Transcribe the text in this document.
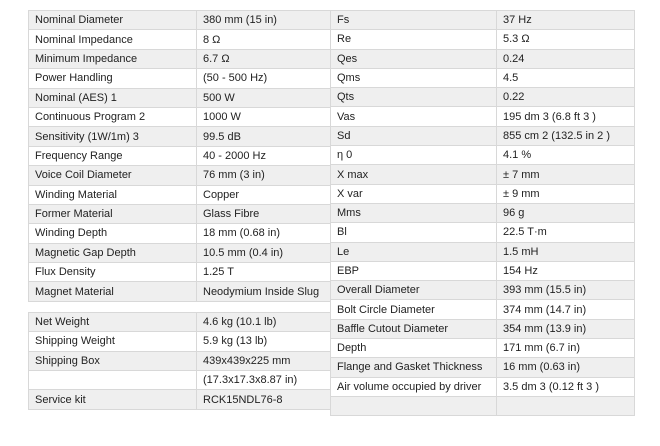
Nominal Diameter	380 mm (15 in)
Nominal Impedance	8 Ω
Minimum Impedance	6.7 Ω
Power Handling	(50 - 500 Hz)
Nominal (AES) 1	500 W
Continuous Program 2	1000 W
Sensitivity (1W/1m) 3	99.5 dB
Frequency Range	40 - 2000 Hz
Voice Coil Diameter	76 mm (3 in)
Winding Material	Copper
Former Material	Glass Fibre
Winding Depth	18 mm (0.68 in)
Magnetic Gap Depth	10.5 mm (0.4 in)
Flux Density	1.25 T
Magnet Material	Neodymium Inside Slug

Net Weight	4.6 kg (10.1 lb)
Shipping Weight	5.9 kg (13 lb)
Shipping Box	439x439x225 mm
	(17.3x17.3x8.87 in)
Service kit	RCK15NDL76-8
Fs	37 Hz
Re	5.3 Ω
Qes	0.24
Qms	4.5
Qts	0.22
Vas	195 dm 3 (6.8 ft 3 )
Sd	855 cm 2 (132.5 in 2 )
η 0	4.1 %
X max	± 7 mm
X var	± 9 mm
Mms	96 g
Bl	22.5 T·m
Le	1.5 mH
EBP	154 Hz
Overall Diameter	393 mm (15.5 in)
Bolt Circle Diameter	374 mm (14.7 in)
Baffle Cutout Diameter	354 mm (13.9 in)
Depth	171 mm (6.7 in)
Flange and Gasket Thickness	16 mm (0.63 in)
Air volume occupied by driver	3.5 dm 3 (0.12 ft 3 )
